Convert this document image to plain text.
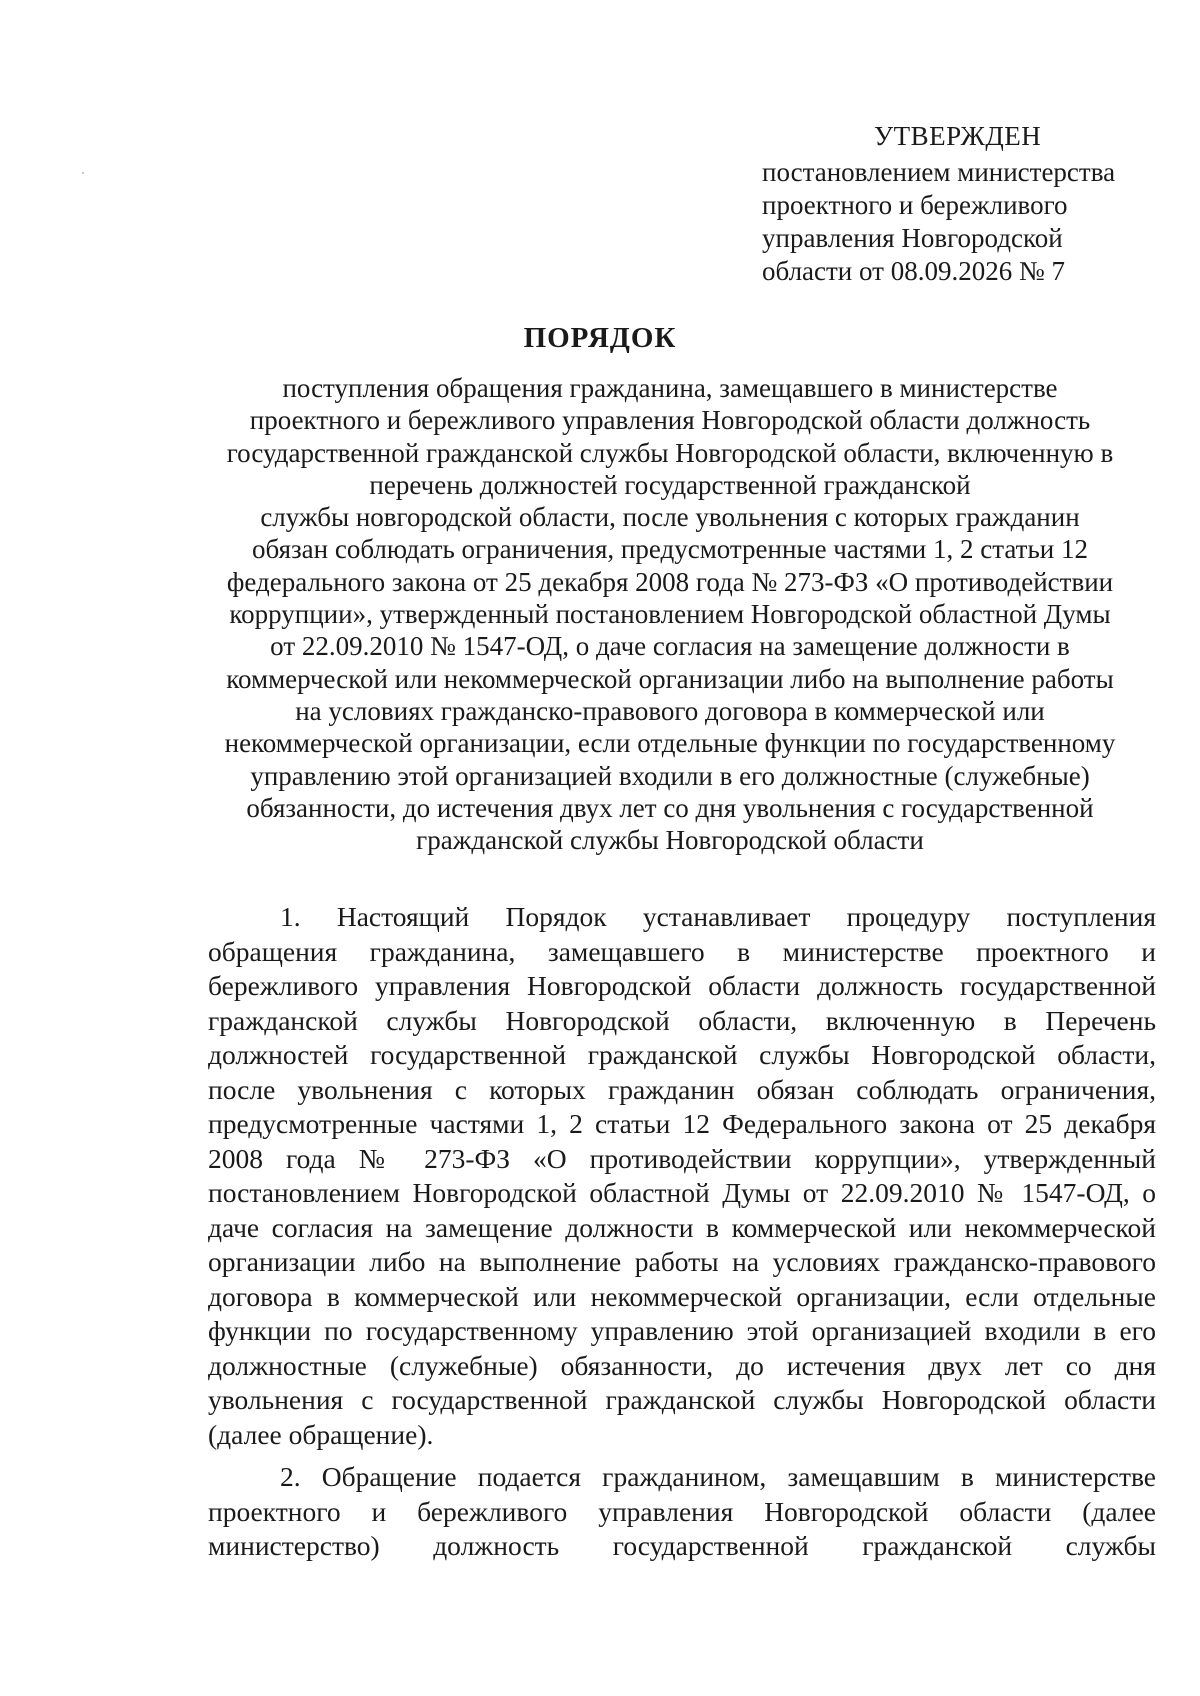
УТВЕРЖДЕН
постановлением министерства
проектного и бережливого
управления Новгородской
области от 08.09.2026 № 7
ПОРЯДОК
поступления обращения гражданина, замещавшего в министерстве
проектного и бережливого управления Новгородской области должность
государственной гражданской службы Новгородской области, включенную в
перечень должностей государственной гражданской
службы новгородской области, после увольнения с которых гражданин
обязан соблюдать ограничения, предусмотренные частями 1, 2 статьи 12
федерального закона от 25 декабря 2008 года № 273-ФЗ «О противодействии
коррупции», утвержденный постановлением Новгородской областной Думы
от 22.09.2010 № 1547-ОД, о даче согласия на замещение должности в
коммерческой или некоммерческой организации либо на выполнение работы
на условиях гражданско-правового договора в коммерческой или
некоммерческой организации, если отдельные функции по государственному
управлению этой организацией входили в его должностные (служебные)
обязанности, до истечения двух лет со дня увольнения с государственной
гражданской службы Новгородской области
1. Настоящий Порядок устанавливает процедуру поступления
обращения гражданина, замещавшего в министерстве проектного и
бережливого управления Новгородской области должность государственной
гражданской службы Новгородской области, включенную в Перечень
должностей государственной гражданской службы Новгородской области,
после увольнения с которых гражданин обязан соблюдать ограничения,
предусмотренные частями 1, 2 статьи 12 Федерального закона от 25 декабря
2008 года № 273-ФЗ «О противодействии коррупции», утвержденный
постановлением Новгородской областной Думы от 22.09.2010 № 1547-ОД, о
даче согласия на замещение должности в коммерческой или некоммерческой
организации либо на выполнение работы на условиях гражданско-правового
договора в коммерческой или некоммерческой организации, если отдельные
функции по государственному управлению этой организацией входили в его
должностные (служебные) обязанности, до истечения двух лет со дня
увольнения с государственной гражданской службы Новгородской области
(далее обращение).
2. Обращение подается гражданином, замещавшим в министерстве
проектного и бережливого управления Новгородской области (далее
министерство) должность государственной гражданской службы
